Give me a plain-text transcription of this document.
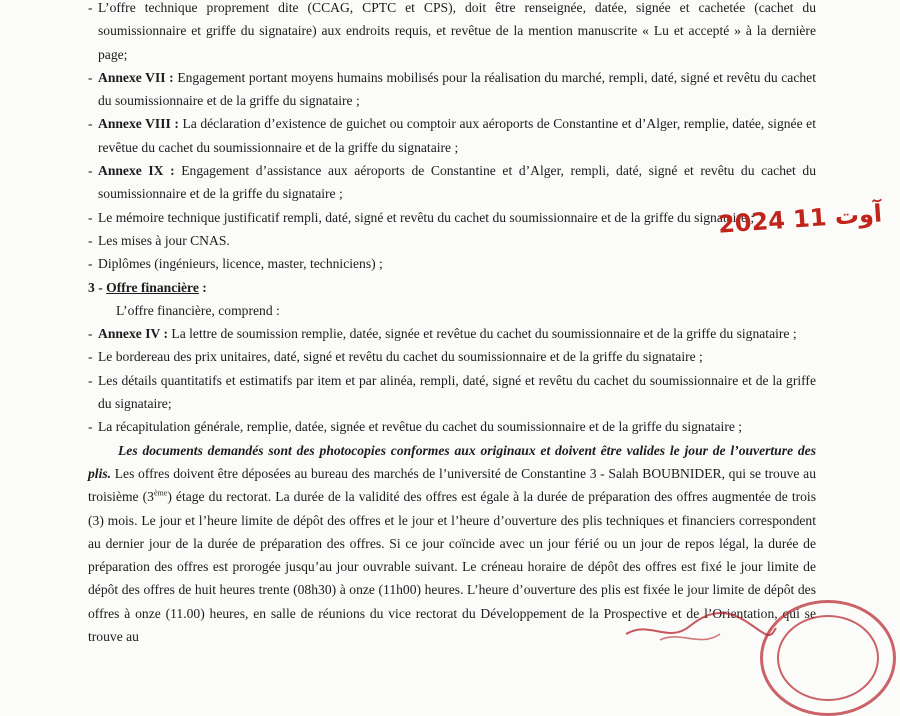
- L’offre technique proprement dite (CCAG, CPTC et CPS), doit être renseignée, datée, signée et cachetée (cachet du soumissionnaire et griffe du signataire) aux endroits requis, et revêtue de la mention manuscrite « Lu et accepté » à la dernière page;
- Annexe VII : Engagement portant moyens humains mobilisés pour la réalisation du marché, rempli, daté, signé et revêtu du cachet du soumissionnaire et de la griffe du signataire ;
- Annexe VIII : La déclaration d’existence de guichet ou comptoir aux aéroports de Constantine et d’Alger, remplie, datée, signée et revêtue du cachet du soumissionnaire et de la griffe du signataire ;
- Annexe IX : Engagement d’assistance aux aéroports de Constantine et d’Alger, rempli, daté, signé et revêtu du cachet du soumissionnaire et de la griffe du signataire ;
- Le mémoire technique justificatif rempli, daté, signé et revêtu du cachet du soumissionnaire et de la griffe du signataire ;
- Les mises à jour CNAS.
- Diplômes (ingénieurs, licence, master, techniciens) ;
3 - Offre financière :
L’offre financière, comprend :
- Annexe IV : La lettre de soumission remplie, datée, signée et revêtue du cachet du soumissionnaire et de la griffe du signataire ;
- Le bordereau des prix unitaires, daté, signé et revêtu du cachet du soumissionnaire et de la griffe du signataire ;
- Les détails quantitatifs et estimatifs par item et par alinéa, rempli, daté, signé et revêtu du cachet du soumissionnaire et de la griffe du signataire;
- La récapitulation générale, remplie, datée, signée et revêtue du cachet du soumissionnaire et de la griffe du signataire ;
Les documents demandés sont des photocopies conformes aux originaux et doivent être valides le jour de l’ouverture des plis. Les offres doivent être déposées au bureau des marchés de l’université de Constantine 3 - Salah BOUBNIDER, qui se trouve au troisième (3ème) étage du rectorat. La durée de la validité des offres est égale à la durée de préparation des offres augmentée de trois (3) mois. Le jour et l’heure limite de dépôt des offres et le jour et l’heure d’ouverture des plis techniques et financiers correspondent au dernier jour de la durée de préparation des offres. Si ce jour coïncide avec un jour férié ou un jour de repos légal, la durée de préparation des offres est prorogée jusqu’au jour ouvrable suivant. Le créneau horaire de dépôt des offres est fixé le jour limite de dépôt des offres de huit heures trente (08h30) à onze (11h00) heures. L’heure d’ouverture des plis est fixée le jour limite de dépôt des offres à onze (11.00) heures, en salle de réunions du vice rectorat du Développement de la Prospective et de l’Orientation, qui se trouve au
2024 آوت 11
